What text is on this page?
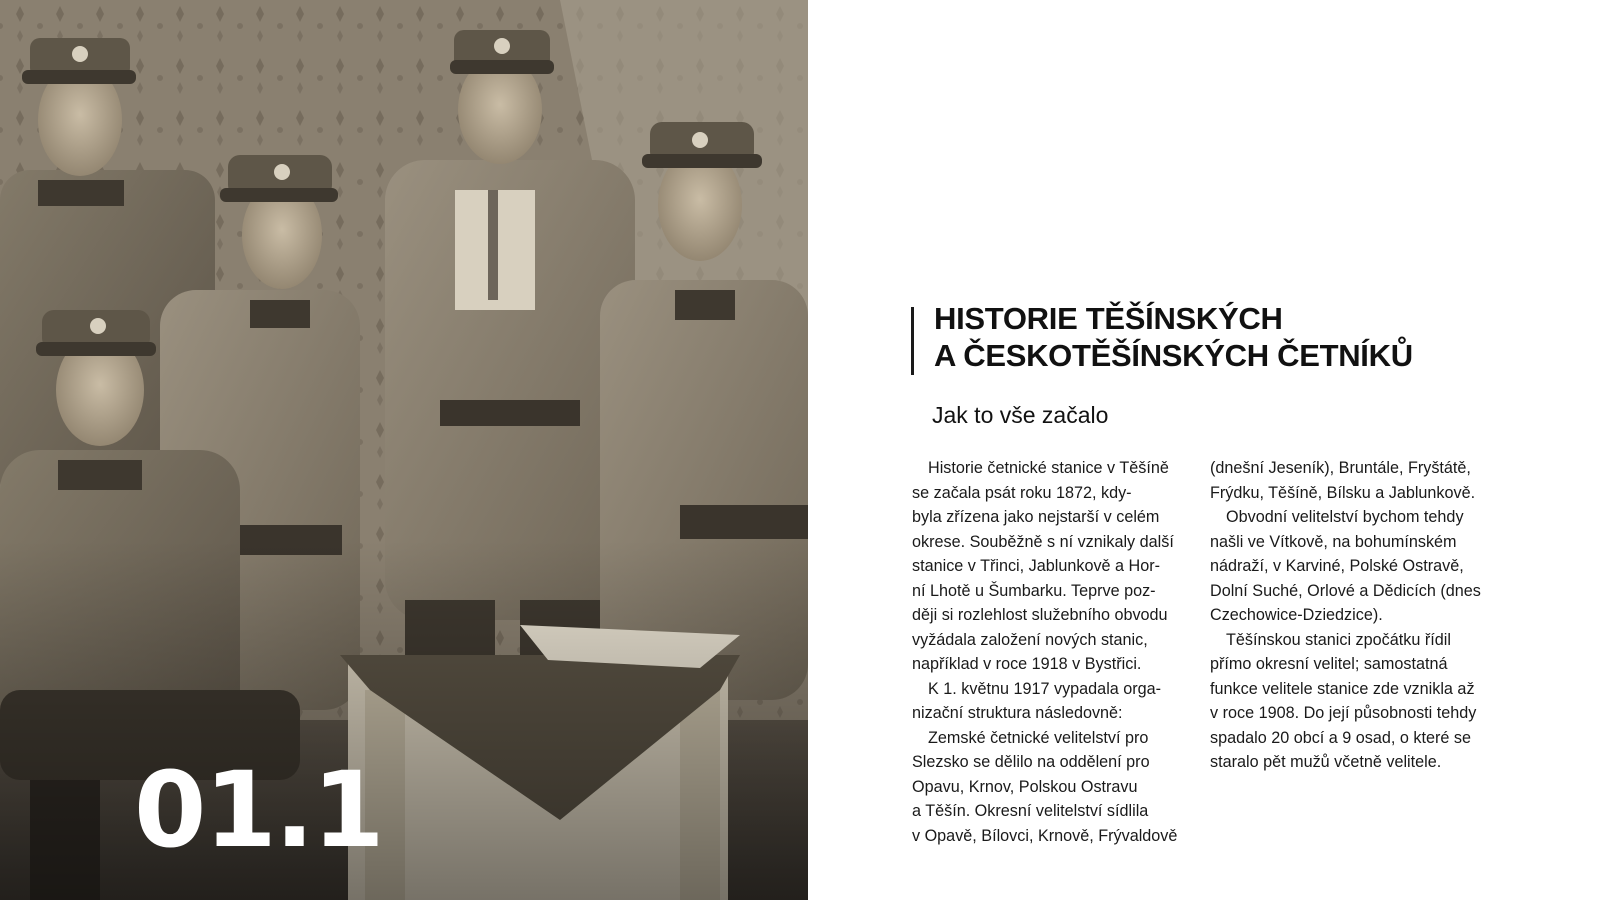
01.1
HISTORIE TĚŠÍNSKÝCH
A ČESKOTĚŠÍNSKÝCH ČETNÍKŮ
Jak to vše začalo
Historie četnické stanice v Těšíně
se začala psát roku 1872, kdy-
byla zřízena jako nejstarší v celém
okrese. Souběžně s ní vznikaly další
stanice v Třinci, Jablunkově a Hor-
ní Lhotě u Šumbarku. Teprve poz-
ději si rozlehlost služebního obvodu
vyžádala založení nových stanic,
například v roce 1918 v Bystřici.
K 1. květnu 1917 vypadala orga-
nizační struktura následovně:
Zemské četnické velitelství pro
Slezsko se dělilo na oddělení pro
Opavu, Krnov, Polskou Ostravu
a Těšín. Okresní velitelství sídlila
v Opavě, Bílovci, Krnově, Frývaldově
(dnešní Jeseník), Bruntále, Fryštátě,
Frýdku, Těšíně, Bílsku a Jablunkově.
Obvodní velitelství bychom tehdy
našli ve Vítkově, na bohumínském
nádraží, v Karviné, Polské Ostravě,
Dolní Suché, Orlové a Dědicích (dnes
Czechowice-Dziedzice).
Těšínskou stanici zpočátku řídil
přímo okresní velitel; samostatná
funkce velitele stanice zde vznikla až
v roce 1908. Do její působnosti tehdy
spadalo 20 obcí a 9 osad, o které se
staralo pět mužů včetně velitele.
